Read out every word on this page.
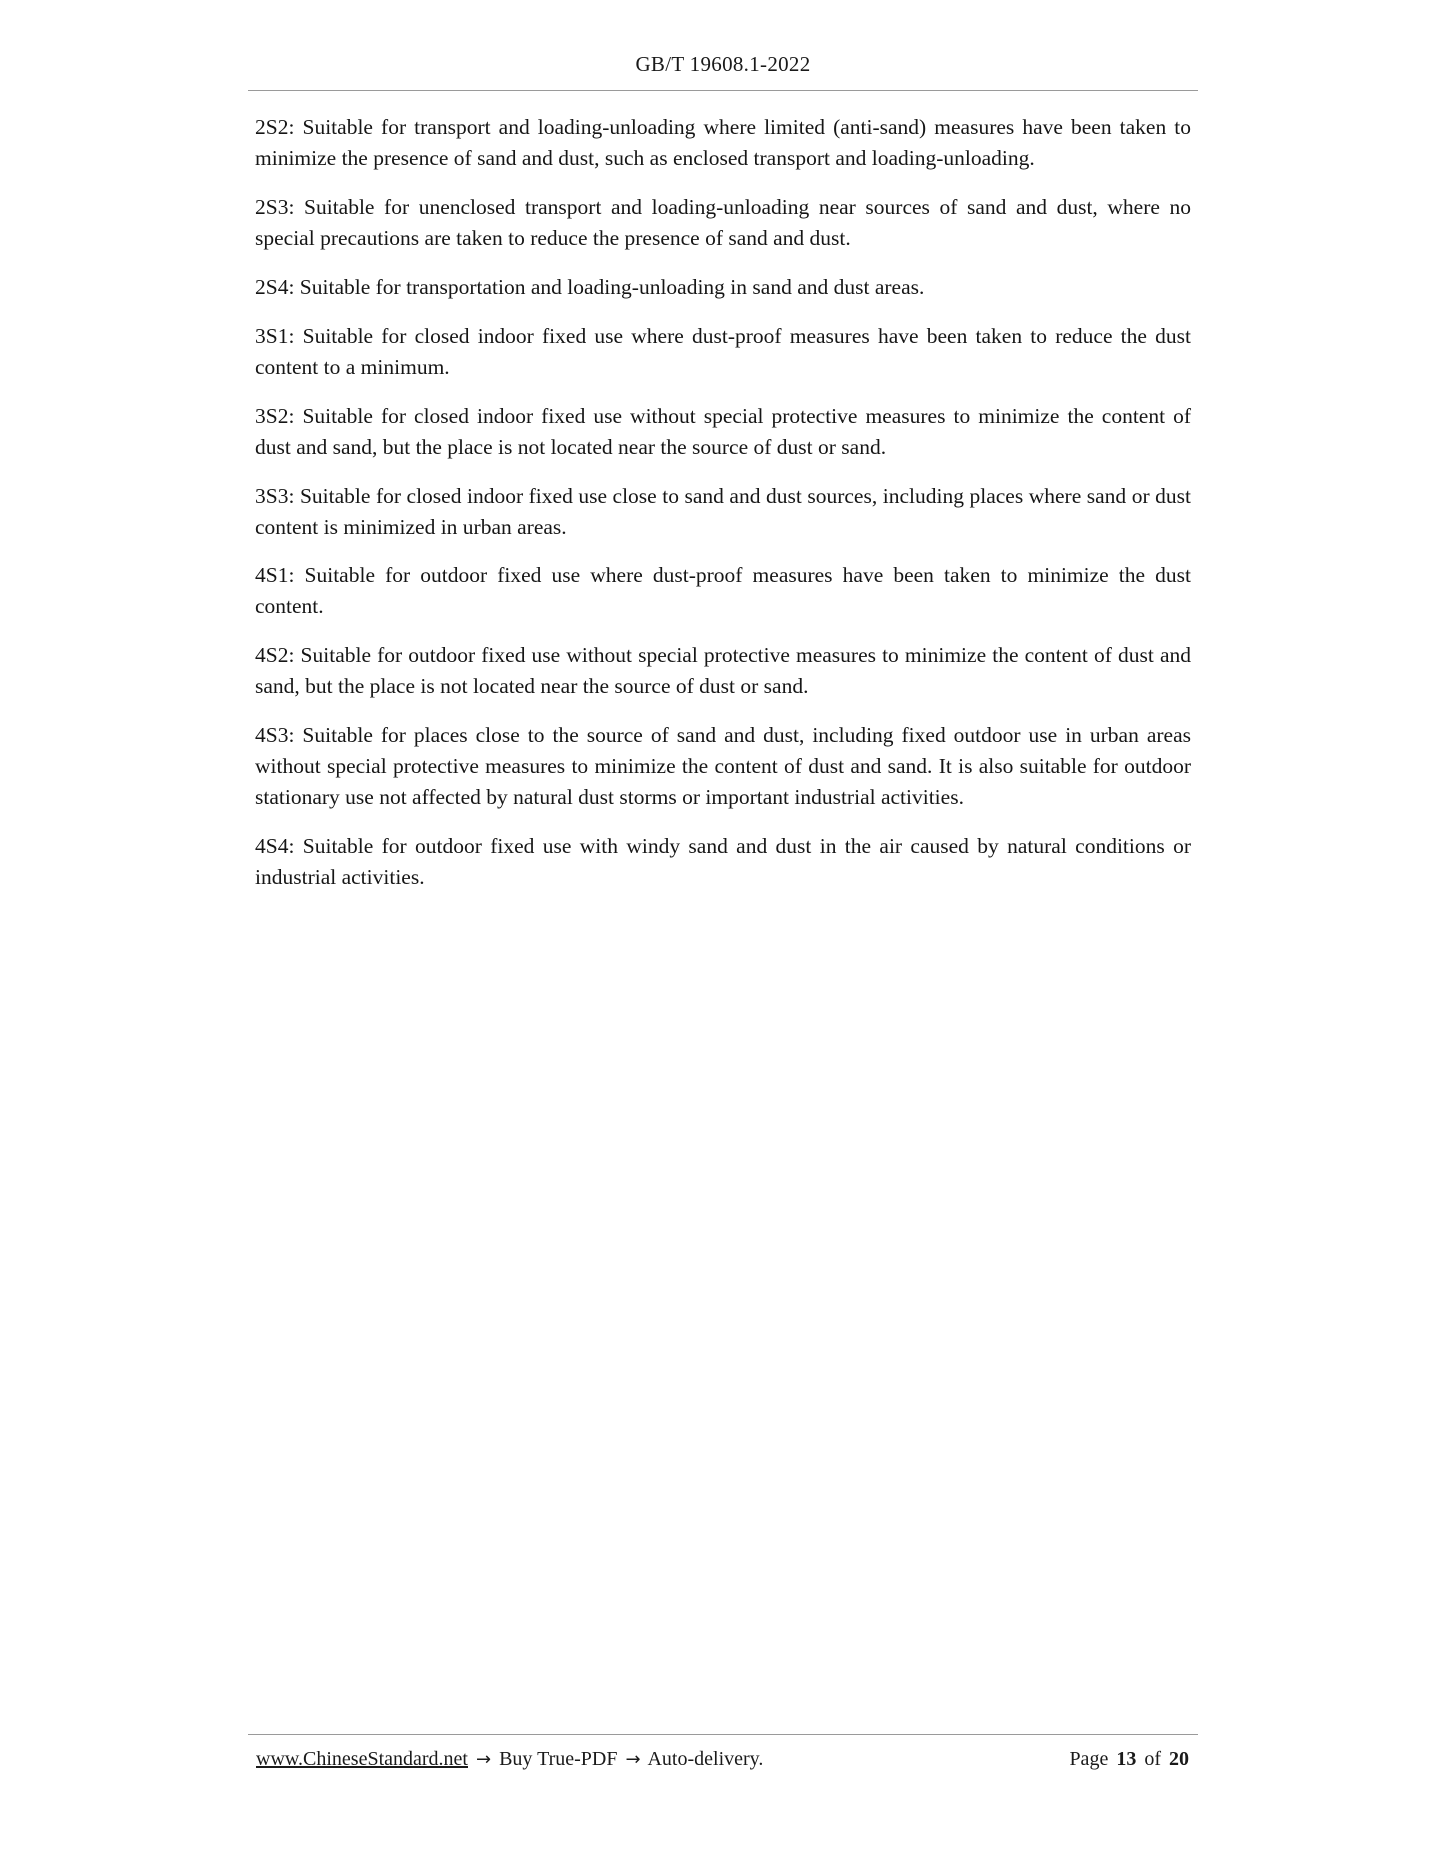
GB/T 19608.1-2022

2S2: Suitable for transport and loading-unloading where limited (anti-sand) measures have been taken to minimize the presence of sand and dust, such as enclosed transport and loading-unloading.

2S3: Suitable for unenclosed transport and loading-unloading near sources of sand and dust, where no special precautions are taken to reduce the presence of sand and dust.

2S4: Suitable for transportation and loading-unloading in sand and dust areas.

3S1: Suitable for closed indoor fixed use where dust-proof measures have been taken to reduce the dust content to a minimum.

3S2: Suitable for closed indoor fixed use without special protective measures to minimize the content of dust and sand, but the place is not located near the source of dust or sand.

3S3: Suitable for closed indoor fixed use close to sand and dust sources, including places where sand or dust content is minimized in urban areas.

4S1: Suitable for outdoor fixed use where dust-proof measures have been taken to minimize the dust content.

4S2: Suitable for outdoor fixed use without special protective measures to minimize the content of dust and sand, but the place is not located near the source of dust or sand.

4S3: Suitable for places close to the source of sand and dust, including fixed outdoor use in urban areas without special protective measures to minimize the content of dust and sand. It is also suitable for outdoor stationary use not affected by natural dust storms or important industrial activities.

4S4: Suitable for outdoor fixed use with windy sand and dust in the air caused by natural conditions or industrial activities.

www.ChineseStandard.net → Buy True-PDF → Auto-delivery.	Page 13 of 20
